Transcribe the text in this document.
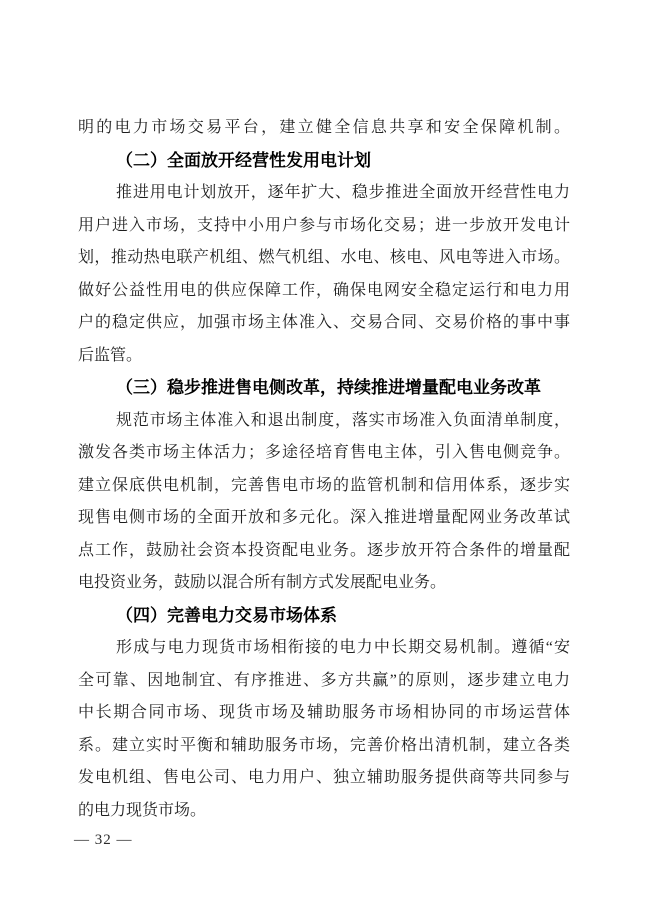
明的电力市场交易平台，建立健全信息共享和安全保障机制。
（二）全面放开经营性发用电计划
推进用电计划放开，逐年扩大、稳步推进全面放开经营性电力
用户进入市场，支持中小用户参与市场化交易；进一步放开发电计
划，推动热电联产机组、燃气机组、水电、核电、风电等进入市场。
做好公益性用电的供应保障工作，确保电网安全稳定运行和电力用
户的稳定供应，加强市场主体准入、交易合同、交易价格的事中事
后监管。
（三）稳步推进售电侧改革，持续推进增量配电业务改革
规范市场主体准入和退出制度，落实市场准入负面清单制度，
激发各类市场主体活力；多途径培育售电主体，引入售电侧竞争。
建立保底供电机制，完善售电市场的监管机制和信用体系，逐步实
现售电侧市场的全面开放和多元化。深入推进增量配网业务改革试
点工作，鼓励社会资本投资配电业务。逐步放开符合条件的增量配
电投资业务，鼓励以混合所有制方式发展配电业务。
（四）完善电力交易市场体系
形成与电力现货市场相衔接的电力中长期交易机制。遵循“安
全可靠、因地制宜、有序推进、多方共赢”的原则，逐步建立电力
中长期合同市场、现货市场及辅助服务市场相协同的市场运营体
系。建立实时平衡和辅助服务市场，完善价格出清机制，建立各类
发电机组、售电公司、电力用户、独立辅助服务提供商等共同参与
的电力现货市场。
— 32 —
